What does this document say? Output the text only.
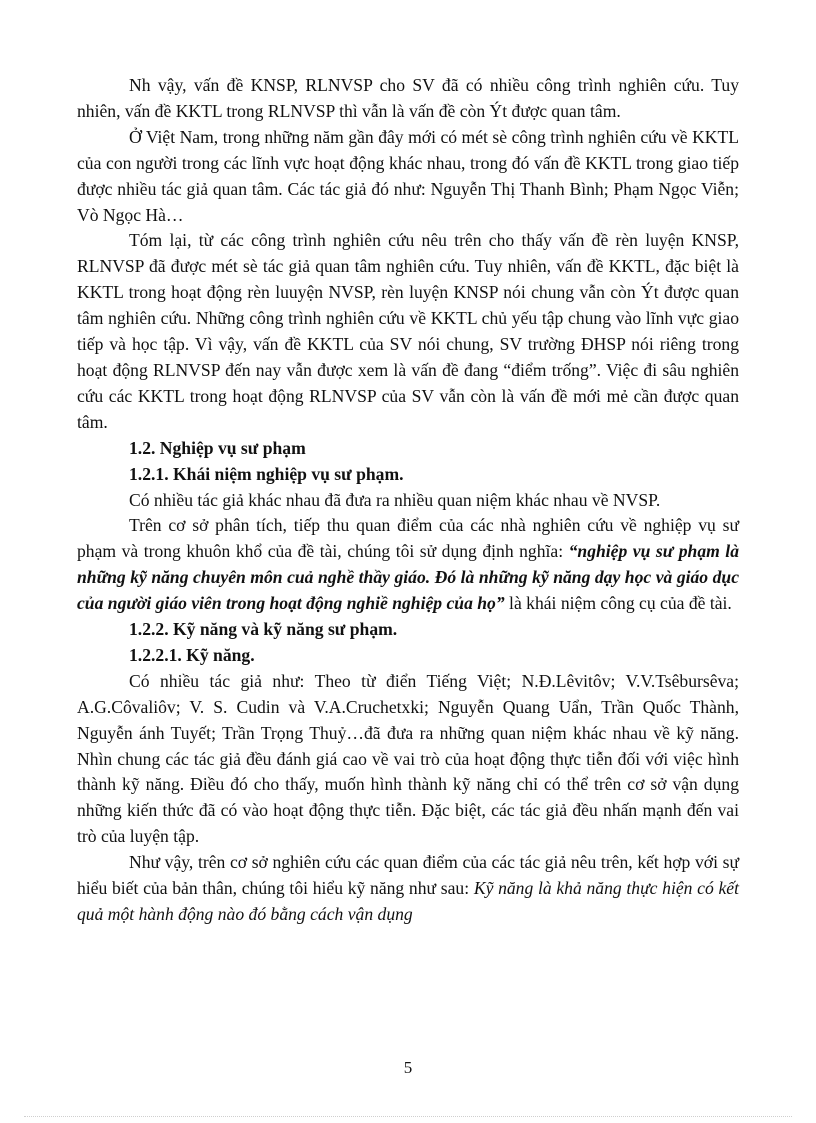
Nh vậy, vấn đề KNSP, RLNVSP cho SV đã có nhiều công trình nghiên cứu. Tuy nhiên, vấn đề KKTL trong RLNVSP thì vẫn là vấn đề còn Ýt được quan tâm.

Ở Việt Nam, trong những năm gần đây mới có mét sè công trình nghiên cứu về KKTL của con người trong các lĩnh vực hoạt động khác nhau, trong đó vấn đề KKTL trong giao tiếp được nhiều tác giả quan tâm. Các tác giả đó như: Nguyễn Thị Thanh Bình; Phạm Ngọc Viễn; Vò Ngọc Hà…

Tóm lại, từ các công trình nghiên cứu nêu trên cho thấy vấn đề rèn luyện KNSP, RLNVSP đã được mét sè tác giả quan tâm nghiên cứu. Tuy nhiên, vấn đề KKTL, đặc biệt là KKTL trong hoạt động rèn luuyện NVSP, rèn luyện KNSP nói chung vẫn còn Ýt được quan tâm nghiên cứu. Những công trình nghiên cứu về KKTL chủ yếu tập chung vào lĩnh vực giao tiếp và học tập. Vì vậy, vấn đề KKTL của SV nói chung, SV trường ĐHSP nói riêng trong hoạt động RLNVSP đến nay vẫn được xem là vấn đề đang “điểm trống”. Việc đi sâu nghiên cứu các KKTL trong hoạt động RLNVSP của SV vẫn còn là vấn đề mới mẻ cần được quan tâm.

1.2. Nghiệp vụ sư phạm

1.2.1. Khái niệm nghiệp vụ sư phạm.

Có nhiều tác giả khác nhau đã đưa ra nhiều quan niệm khác nhau về NVSP.

Trên cơ sở phân tích, tiếp thu quan điểm của các nhà nghiên cứu về nghiệp vụ sư phạm và trong khuôn khổ của đề tài, chúng tôi sử dụng định nghĩa: “nghiệp vụ sư phạm là những kỹ năng chuyên môn cuả nghề thầy giáo. Đó là những kỹ năng dạy học và giáo dục của người giáo viên trong hoạt động nghiề nghiệp của họ” là khái niệm công cụ của đề tài.

1.2.2. Kỹ năng và kỹ năng sư phạm.

1.2.2.1. Kỹ năng.

Có nhiều tác giả như: Theo từ điển Tiếng Việt; N.Đ.Lêvitôv; V.V.Tsêbursêva; A.G.Côvaliôv; V. S. Cudin và V.A.Cruchetxki; Nguyễn Quang Uẩn, Trần Quốc Thành, Nguyễn ánh Tuyết; Trần Trọng Thuỷ…đã đưa ra những quan niệm khác nhau về kỹ năng. Nhìn chung các tác giả đều đánh giá cao về vai trò của hoạt động thực tiễn đối với việc hình thành kỹ năng. Điều đó cho thấy, muốn hình thành kỹ năng chỉ có thể trên cơ sở vận dụng những kiến thức đã có vào hoạt động thực tiễn. Đặc biệt, các tác giả đều nhấn mạnh đến vai trò của luyện tập.

Như vậy, trên cơ sở nghiên cứu các quan điểm của các tác giả nêu trên, kết hợp với sự hiểu biết của bản thân, chúng tôi hiểu kỹ năng như sau: Kỹ năng là khả năng thực hiện có kết quả một hành động nào đó bằng cách vận dụng

5
